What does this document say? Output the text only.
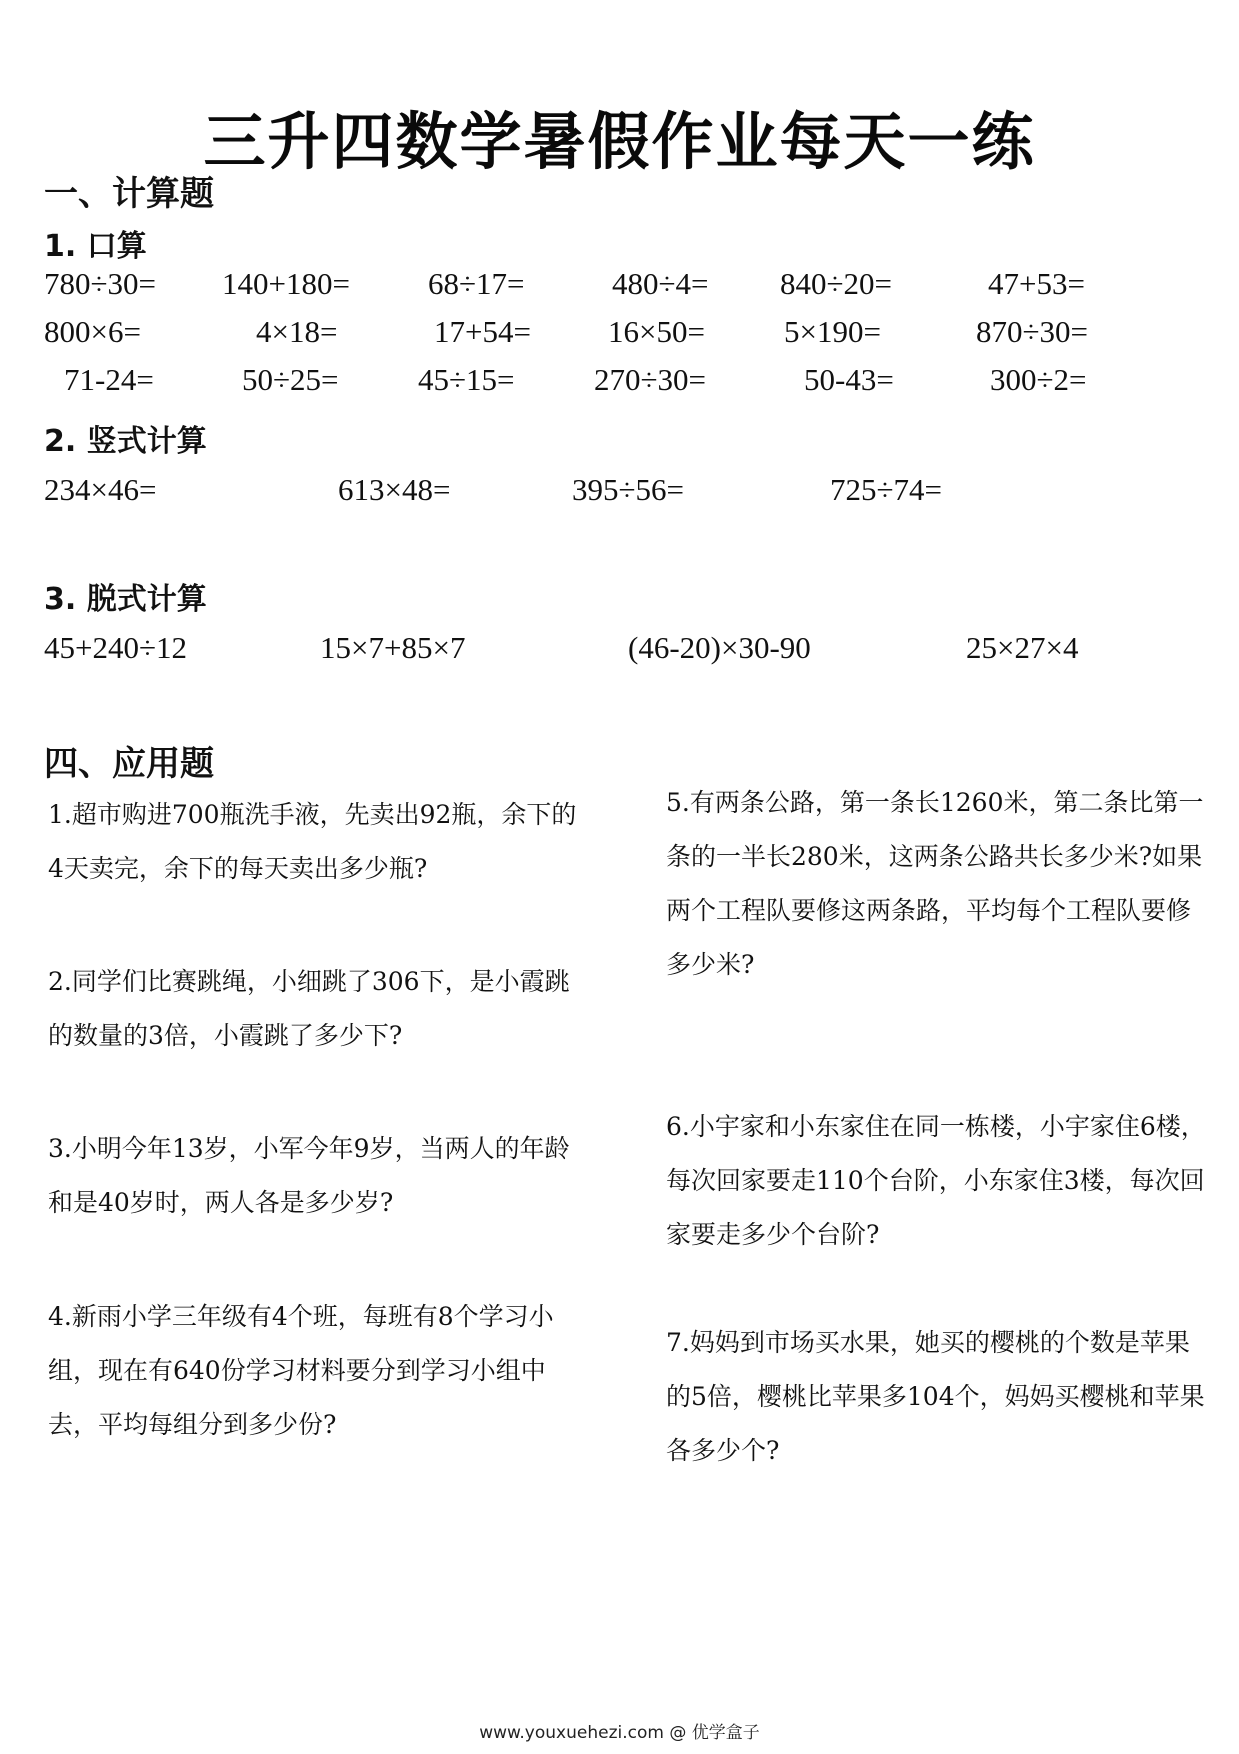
三升四数学暑假作业每天一练
一、计算题
1. 口算
780÷30= 140+180=	68÷17=	480÷4= 840÷20=	47+53=
800×6=	4×18=	17+54= 16×50=	5×190=	870÷30=
71-24=	50÷25=	45÷15=	270÷30=	50-43=	300÷2=
2. 竖式计算
234×46=	613×48=	395÷56=	725÷74=
3. 脱式计算
45+240÷12	15×7+85×7	(46-20)×30-90	25×27×4
四、应用题
1.超市购进700瓶洗手液，先卖出92瓶，余下的4天卖完，余下的每天卖出多少瓶?
2.同学们比赛跳绳，小细跳了306下，是小霞跳的数量的3倍，小霞跳了多少下?
3.小明今年13岁，小军今年9岁，当两人的年龄和是40岁时，两人各是多少岁?
4.新雨小学三年级有4个班，每班有8个学习小组，现在有640份学习材料要分到学习小组中去，平均每组分到多少份?
5.有两条公路，第一条长1260米，第二条比第一条的一半长280米，这两条公路共长多少米?如果两个工程队要修这两条路，平均每个工程队要修多少米?
6.小宇家和小东家住在同一栋楼，小宇家住6楼，每次回家要走110个台阶，小东家住3楼，每次回家要走多少个台阶?
7.妈妈到市场买水果，她买的樱桃的个数是苹果的5倍，樱桃比苹果多104个，妈妈买樱桃和苹果各多少个?
www.youxuehezi.com @ 优学盒子
